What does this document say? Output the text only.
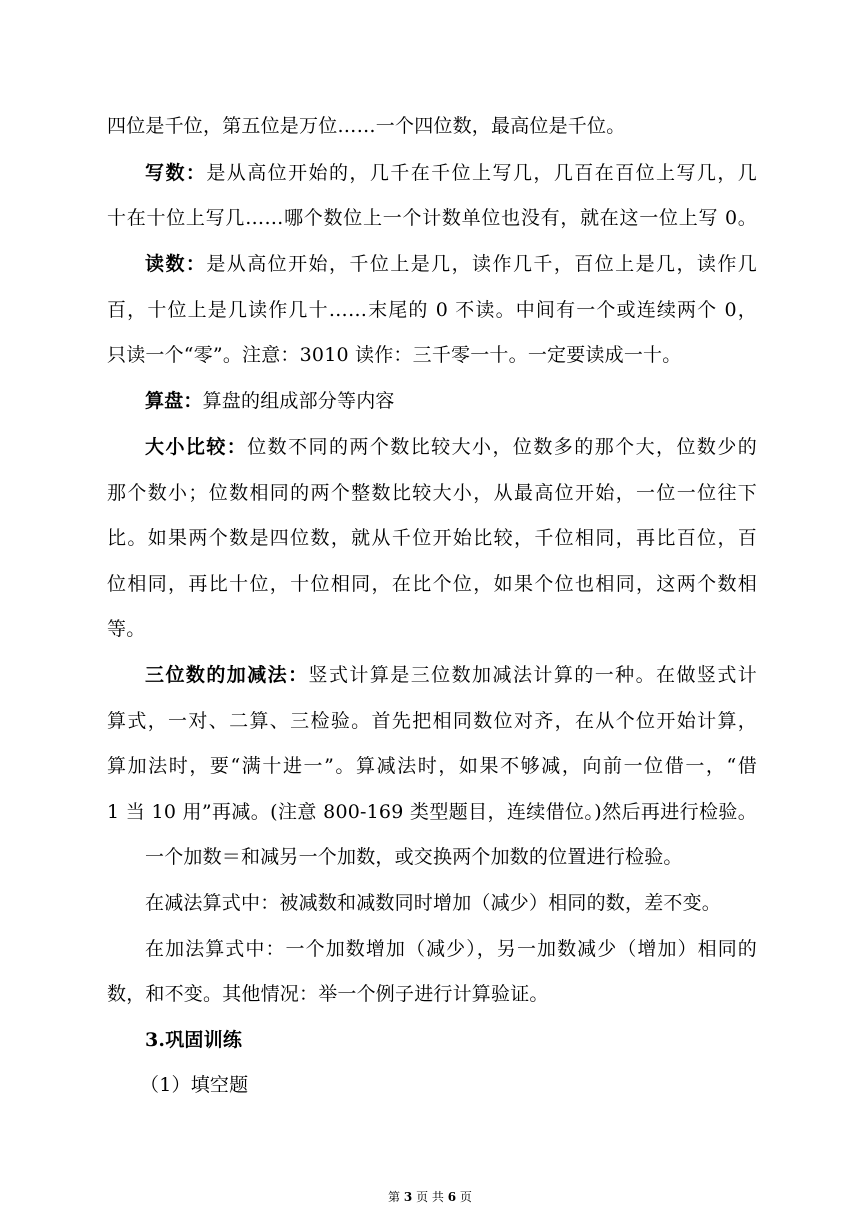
四位是千位，第五位是万位……一个四位数，最高位是千位。
写数：是从高位开始的，几千在千位上写几，几百在百位上写几，几
十在十位上写几……哪个数位上一个计数单位也没有，就在这一位上写 0。
读数：是从高位开始，千位上是几，读作几千，百位上是几，读作几
百，十位上是几读作几十……末尾的 0 不读。中间有一个或连续两个 0，
只读一个“零”。注意：3010 读作：三千零一十。一定要读成一十。
算盘：算盘的组成部分等内容
大小比较：位数不同的两个数比较大小，位数多的那个大，位数少的
那个数小；位数相同的两个整数比较大小，从最高位开始，一位一位往下
比。如果两个数是四位数，就从千位开始比较，千位相同，再比百位，百
位相同，再比十位，十位相同，在比个位，如果个位也相同，这两个数相
等。
三位数的加减法：竖式计算是三位数加减法计算的一种。在做竖式计
算式，一对、二算、三检验。首先把相同数位对齐，在从个位开始计算，
算加法时，要“满十进一”。算减法时，如果不够减，向前一位借一，“借
1 当 10 用”再减。(注意 800-169 类型题目，连续借位。)然后再进行检验。
一个加数＝和减另一个加数，或交换两个加数的位置进行检验。
在减法算式中：被减数和减数同时增加（减少）相同的数，差不变。
在加法算式中：一个加数增加（减少），另一加数减少（增加）相同的
数，和不变。其他情况：举一个例子进行计算验证。
3.巩固训练
（1）填空题
第 3 页 共 6 页
